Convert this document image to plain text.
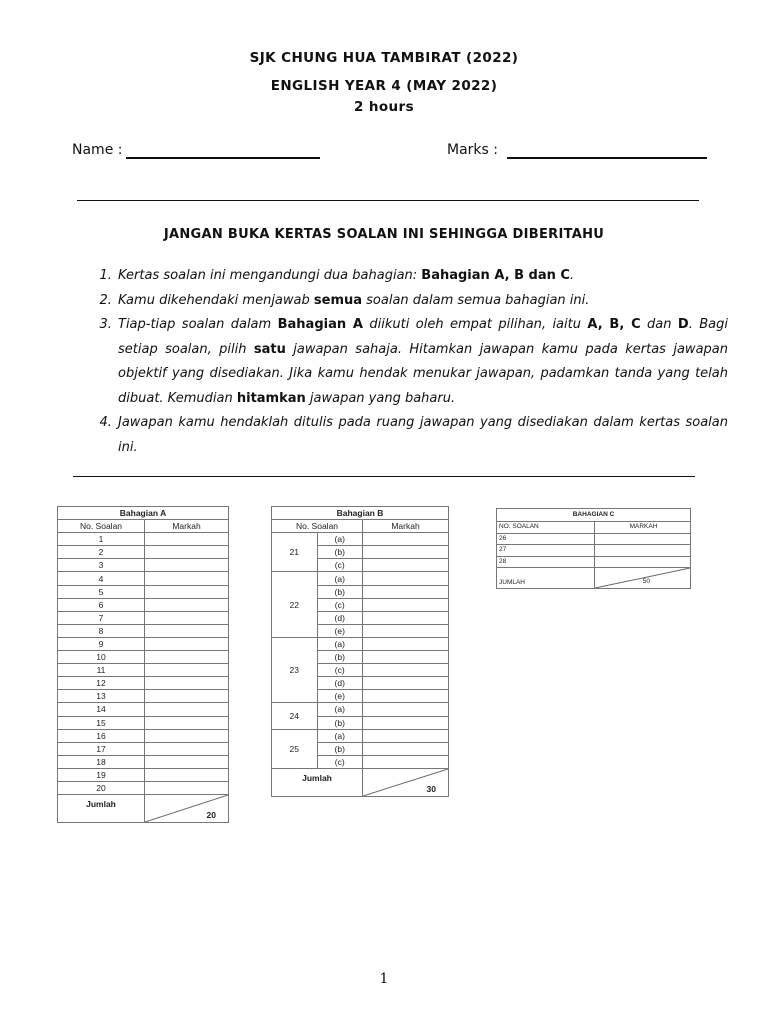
SJK CHUNG HUA TAMBIRAT (2022)
ENGLISH YEAR 4 (MAY 2022)
2 hours
Name :	Marks :
JANGAN BUKA KERTAS SOALAN INI SEHINGGA DIBERITAHU
1. Kertas soalan ini mengandungi dua bahagian: Bahagian A, B dan C.
2. Kamu dikehendaki menjawab semua soalan dalam semua bahagian ini.
3. Tiap-tiap soalan dalam Bahagian A diikuti oleh empat pilihan, iaitu A, B, C dan D. Bagi setiap soalan, pilih satu jawapan sahaja. Hitamkan jawapan kamu pada kertas jawapan objektif yang disediakan. Jika kamu hendak menukar jawapan, padamkan tanda yang telah dibuat. Kemudian hitamkan jawapan yang baharu.
4. Jawapan kamu hendaklah ditulis pada ruang jawapan yang disediakan dalam kertas soalan ini.
Bahagian A	
No. Soalan	Markah
1	
2	
3	
4	
5	
6	
7	
8	
9	
10	
11	
12	
13	
14	
15	
16	
17	
18	
19	
20	
Jumlah	20
Bahagian B		
No. Soalan		Markah
21	(a)	
	(b)	
	(c)	
22	(a)	
	(b)	
	(c)	
	(d)	
	(e)	
23	(a)	
	(b)	
	(c)	
	(d)	
	(e)	
24	(a)	
	(b)	
25	(a)	
	(b)	
	(c)	
Jumlah		30
BAHAGIAN C	
NO. SOALAN	MARKAH
26	
27	
28	
JUMLAH	50
1
